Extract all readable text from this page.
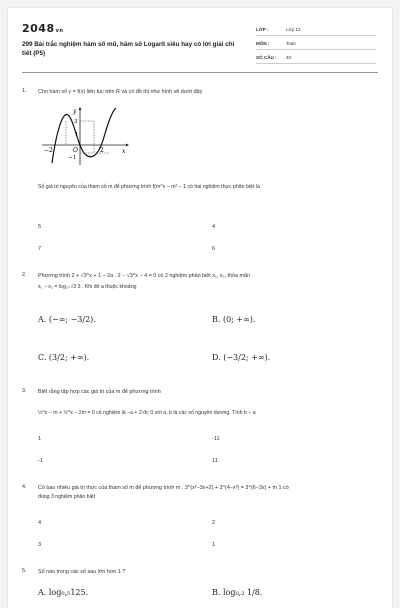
2048vn
299 Bài trắc nghiệm hàm số mũ, hàm số Logarit siêu hay có lời giải chi tiết (P5)
LỚP :	Lớp 12
MÔN :	Toán
SỐ CÂU :	40
1. Cho hàm số y = f(x) liên tục trên R và có đồ thị như hình vẽ dưới đây
y
3
1
−2	O	2	x
−1
Số giá trị nguyên của tham số m để phương trình f(m^x − m² − 1 có hai nghiệm thực phân biệt là
5	4
7	6
2. Phương trình 2 + √3^x + 1 − 2a . 2 − √3^x − 4 = 0 có 2 nghiệm phân biệt x₁, x₂, thỏa mãn
x₁ − x₂ = log₂₊√3 3 . Khi đó a thuộc khoảng
A. (−∞; −3/2).	B. (0; +∞).
C. (3/2; +∞).	D. (−3/2; +∞).
3. Biết rằng tập hợp các giá trị của m để phương trình
½^x − m + ½^x − 2m = 0 có nghiệm là −a + 2√b; 0 với a, b là các số nguyên dương. Tính b − a
1	-11
-1	11
4. Có bao nhiêu giá trị thực của tham số m để phương trình m . 3^(x²−3x+2) + 3^(4−x²) = 3^(6−3x) + m 1 có
đúng 3 nghiệm phân biệt
4	2
3	1
5. Số nào trong các số sau lớn hơn 1 ?
A. log₀,₅125.	B. log₀,₂ 1/8.
